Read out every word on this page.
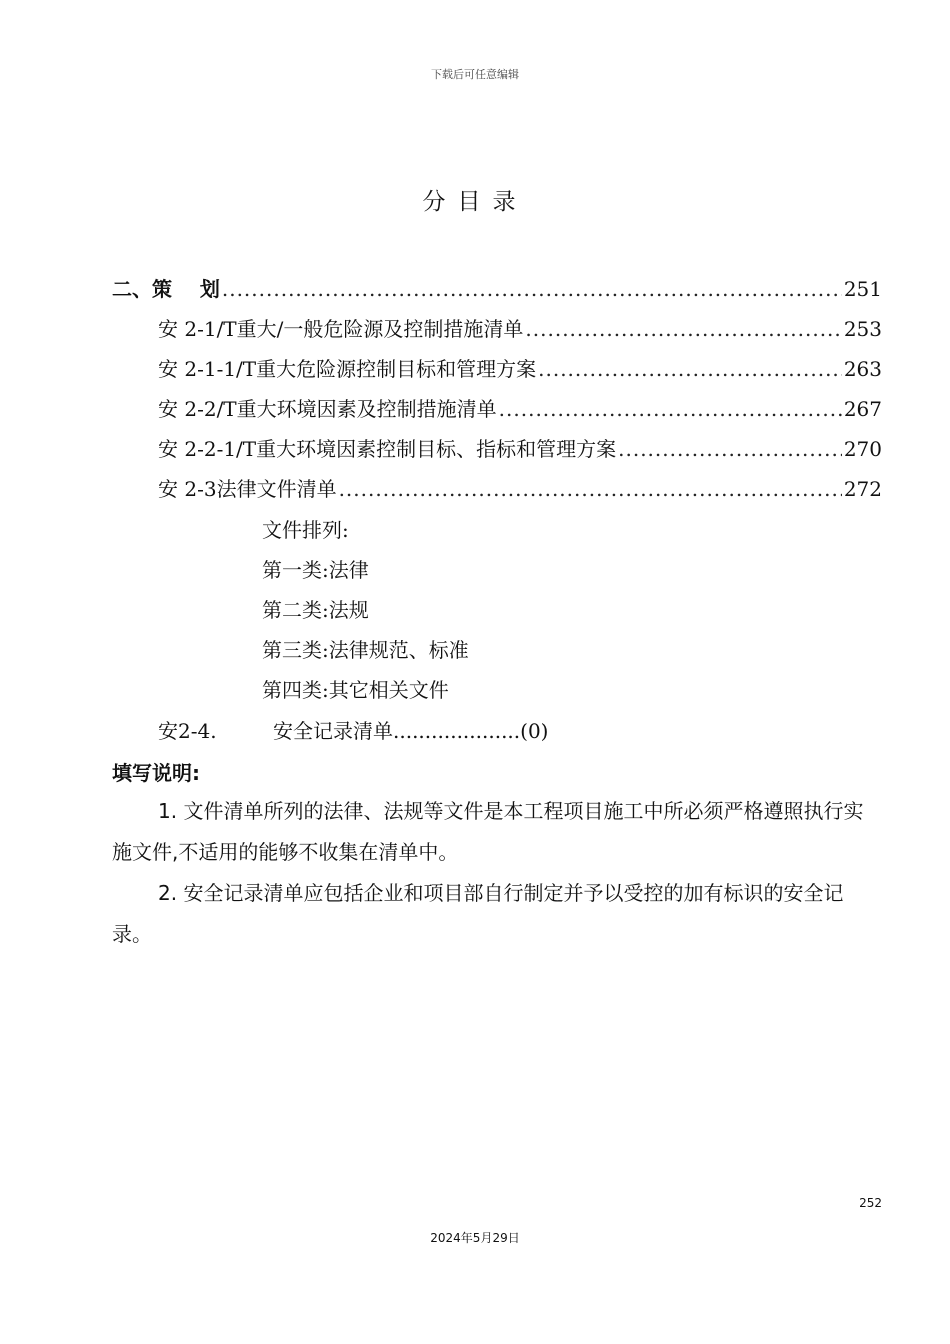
下载后可任意编辑
分目录
二、策    划 .....	251
安 2-1/T 重大/一般危险源及控制措施清单 .....	253
安 2-1-1/T 重大危险源控制目标和管理方案 .....	263
安 2-2/T 重大环境因素及控制措施清单 .....	267
安 2-2-1/T 重大环境因素控制目标、指标和管理方案 .....	270
安 2-3 法律文件清单 .....	272
文件排列:
第一类:法律
第二类:法规
第三类:法律规范、标准
第四类:其它相关文件
安2-4.	安全记录清单....................(0)
填写说明:
1. 文件清单所列的法律、法规等文件是本工程项目施工中所必须严格遵照执行实施文件,不适用的能够不收集在清单中。
2. 安全记录清单应包括企业和项目部自行制定并予以受控的加有标识的安全记录。
252
2024年5月29日
